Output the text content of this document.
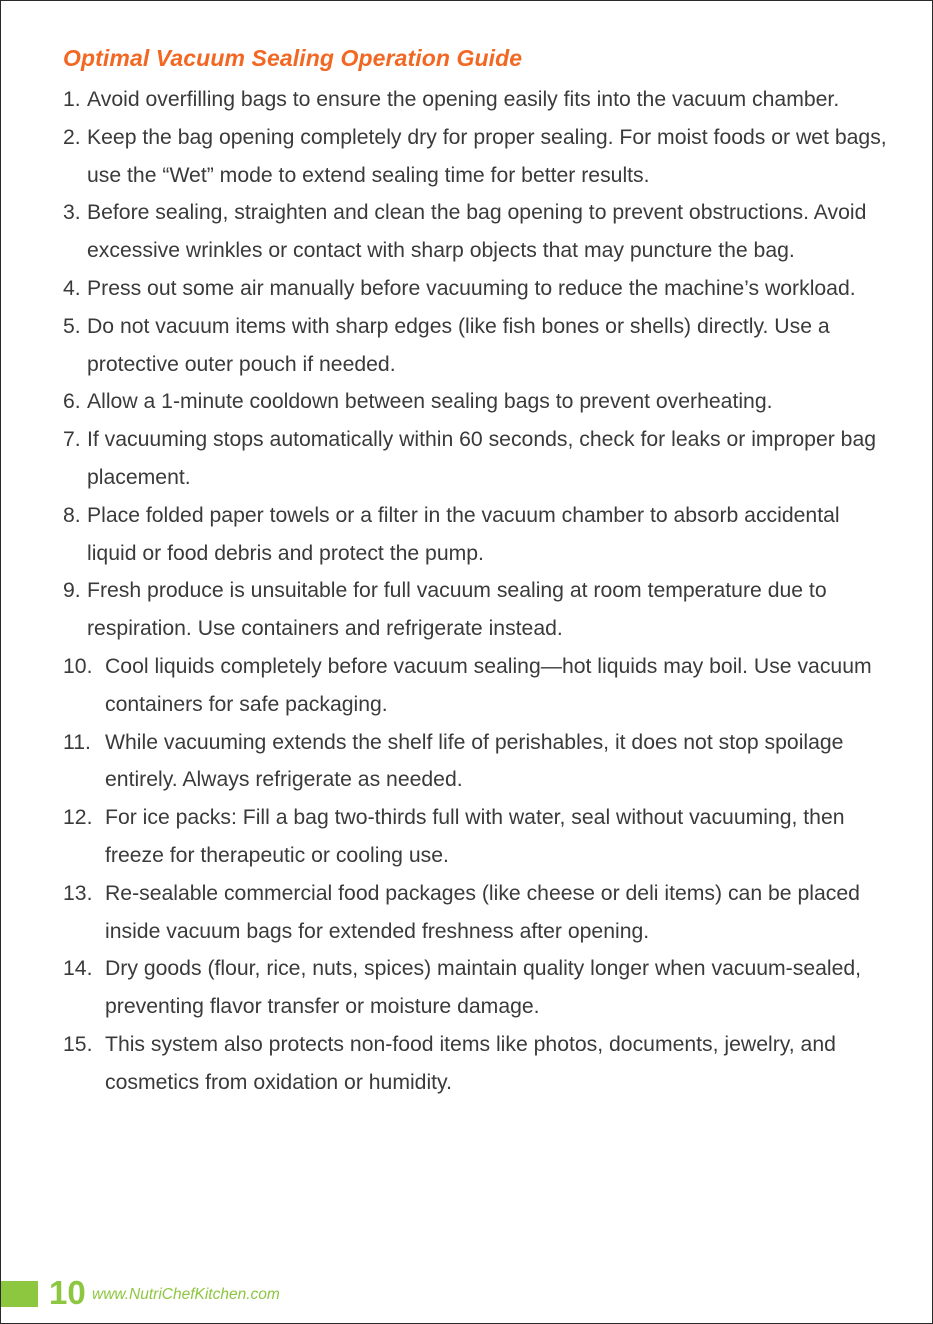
Optimal Vacuum Sealing Operation Guide
1. Avoid overfilling bags to ensure the opening easily fits into the vacuum chamber.
2. Keep the bag opening completely dry for proper sealing. For moist foods or wet bags, use the “Wet” mode to extend sealing time for better results.
3. Before sealing, straighten and clean the bag opening to prevent obstructions. Avoid excessive wrinkles or contact with sharp objects that may puncture the bag.
4. Press out some air manually before vacuuming to reduce the machine’s workload.
5. Do not vacuum items with sharp edges (like fish bones or shells) directly. Use a protective outer pouch if needed.
6. Allow a 1-minute cooldown between sealing bags to prevent overheating.
7. If vacuuming stops automatically within 60 seconds, check for leaks or improper bag placement.
8. Place folded paper towels or a filter in the vacuum chamber to absorb accidental liquid or food debris and protect the pump.
9. Fresh produce is unsuitable for full vacuum sealing at room temperature due to respiration. Use containers and refrigerate instead.
10. Cool liquids completely before vacuum sealing—hot liquids may boil. Use vacuum containers for safe packaging.
11. While vacuuming extends the shelf life of perishables, it does not stop spoilage entirely. Always refrigerate as needed.
12. For ice packs: Fill a bag two-thirds full with water, seal without vacuuming, then freeze for therapeutic or cooling use.
13. Re-sealable commercial food packages (like cheese or deli items) can be placed inside vacuum bags for extended freshness after opening.
14. Dry goods (flour, rice, nuts, spices) maintain quality longer when vacuum-sealed, preventing flavor transfer or moisture damage.
15. This system also protects non-food items like photos, documents, jewelry, and cosmetics from oxidation or humidity.
10 www.NutriChefKitchen.com
